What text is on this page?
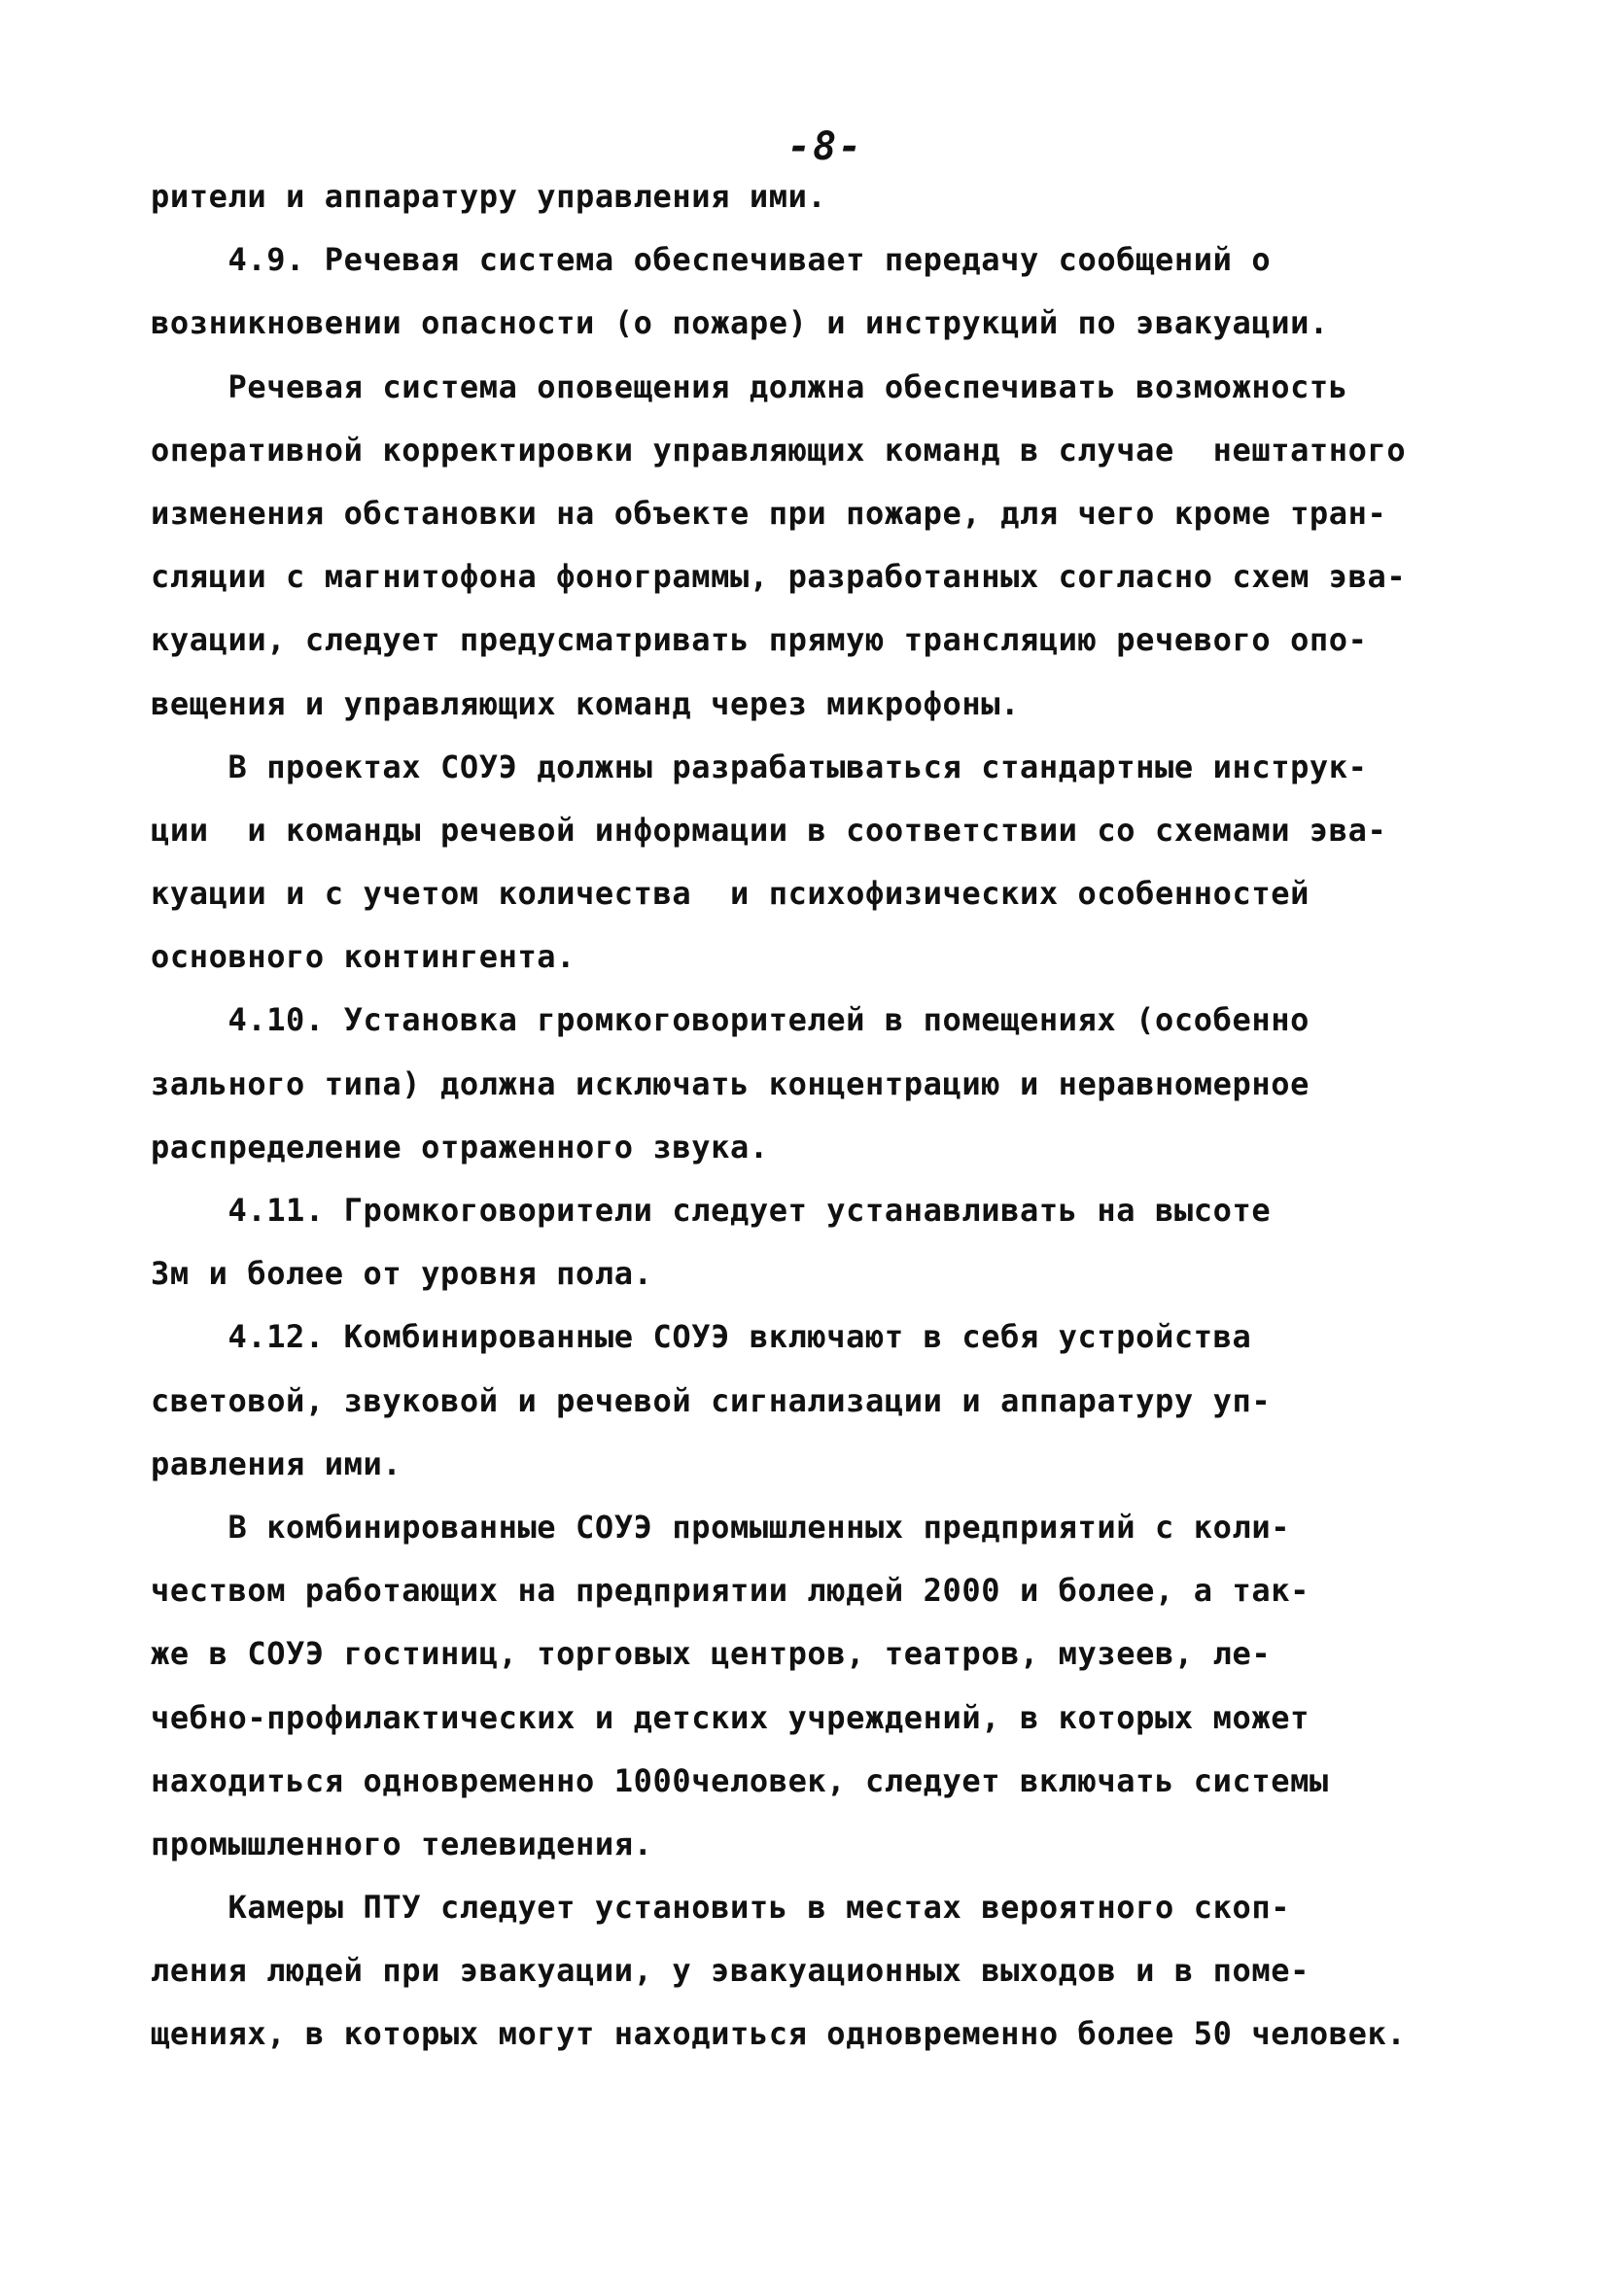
-8-
рители и аппаратуру управления ими.
4.9. Речевая система обеспечивает передачу сообщений о
возникновении опасности (о пожаре) и инструкций по эвакуации.
Речевая система оповещения должна обеспечивать возможность
оперативной корректировки управляющих команд в случае  нештатного
изменения обстановки на объекте при пожаре, для чего кроме тран-
сляции с магнитофона фонограммы, разработанных согласно схем эва-
куации, следует предусматривать прямую трансляцию речевого опо-
вещения и управляющих команд через микрофоны.
В проектах СОУЭ должны разрабатываться стандартные инструк-
ции  и команды речевой информации в соответствии со схемами эва-
куации и с учетом количества  и психофизических особенностей
основного контингента.
4.10. Установка громкоговорителей в помещениях (особенно
зального типа) должна исключать концентрацию и неравномерное
распределение отраженного звука.
4.11. Громкоговорители следует устанавливать на высоте
3м и более от уровня пола.
4.12. Комбинированные СОУЭ включают в себя устройства
световой, звуковой и речевой сигнализации и аппаратуру уп-
равления ими.
В комбинированные СОУЭ промышленных предприятий с коли-
чеством работающих на предприятии людей 2000 и более, а так-
же в СОУЭ гостиниц, торговых центров, театров, музеев, ле-
чебно-профилактических и детских учреждений, в которых может
находиться одновременно 1000человек, следует включать системы
промышленного телевидения.
Камеры ПТУ следует установить в местах вероятного скоп-
ления людей при эвакуации, у эвакуационных выходов и в поме-
щениях, в которых могут находиться одновременно более 50 человек.
